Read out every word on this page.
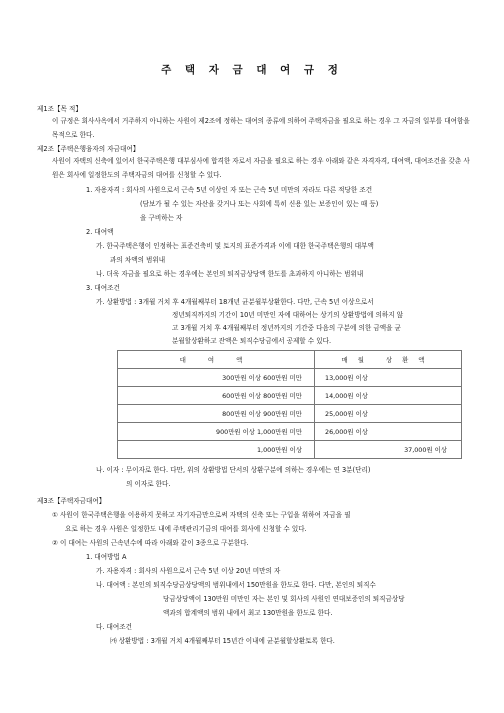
주 택 자 금 대 여 규 정
제1조【목 적】
이 규정은 회사사옥에서 거주하지 아니하는 사원이 제2조에 정하는 대여의 종류에 의하여 주택자금을 필요로 하는 경우 그 자금의 일부를 대여함을 목적으로 한다.
제2조【주택은행융자의 자금대여】
사원이 자택의 신축에 있어서 한국주택은행 대부심사에 합격한 자로서 자금을 필요로 하는 경우 아래와 같은 자격자격, 대여액, 대여조건을 갖춘 사원은 회사에 일정한도의 주택자금의 대여를 신청할 수 있다.
1. 자용자격 : 회사의 사원으로서 근속 5년 이상인 자 또는 근속 5년 미만의 자라도 다른 적당한 조건
(담보가 될 수 있는 자산을 갖거나 또는 사회에 특히 신용 있는 보증인이 있는 때 등)
을 구비하는 자
2. 대여액
가. 한국주택은행이 인정하는 표준건축비 및 토지의 표준가격과 이에 대한 한국주택은행의 대부액
과의 차액의 범위내
나. 더욱 자금을 필요로 하는 경우에는 본인의 퇴직금상당액 한도를 초과하지 아니하는 범위내
3. 대여조건
가. 상환방법 : 3개월 거치 후 4개월째부터 18개년 균분월부상환한다. 다만, 근속 5년 이상으로서
정년퇴직까지의 기간이 10년 미만인 자에 대하여는 상기의 상환방법에 의하지 않
고 3개월 거치 후 4개월째부터 정년까지의 기간중 다음의 구분에 의한 금액을 균
분월할상환하고 잔액은 퇴직수당금에서 공제할 수 있다.
대 여 액	매월 상환액
300만원 이상 600만원 미만	13,000원 이상
600만원 이상 800만원 미만	14,000원 이상
800만원 이상 900만원 미만	25,000원 이상
900만원 이상 1,000만원 미만	26,000원 이상
1,000만원 이상	37,000원 이상
나. 이자 : 무이자로 한다. 다만, 위의 상환방법 단서의 상환구분에 의하는 경우에는 연 3분(단리)
의 이자로 한다.
제3조【주택자금대여】
① 사원이 한국주택은행을 이용하지 못하고 자기자금만으로써 자택의 신축 또는 구입을 위하여 자금을 필
요로 하는 경우 사원은 일정한도 내에 주택관리기금의 대여를 회사에 신청할 수 있다.
② 이 대여는 사원의 근속년수에 따라 아래와 같이 3종으로 구분한다.
1. 대여방법 A
가. 자용자격 : 회사의 사원으로서 근속 5년 이상 20년 미만의 자
나. 대여액 : 본인의 퇴직수당금상당액의 범위내에서 150만원을 한도로 한다. 다만, 본인의 퇴직수
당금상당액이 130만원 미만인 자는 본인 및 회사의 사원인 연대보증인의 퇴직금상당
액과의 합계액의 범위 내에서 최고 130만원을 한도로 한다.
다. 대여조건
㈎ 상환방법 : 3개월 거치 4개월째부터 15년간 이내에 균분월할상환토록 한다.
